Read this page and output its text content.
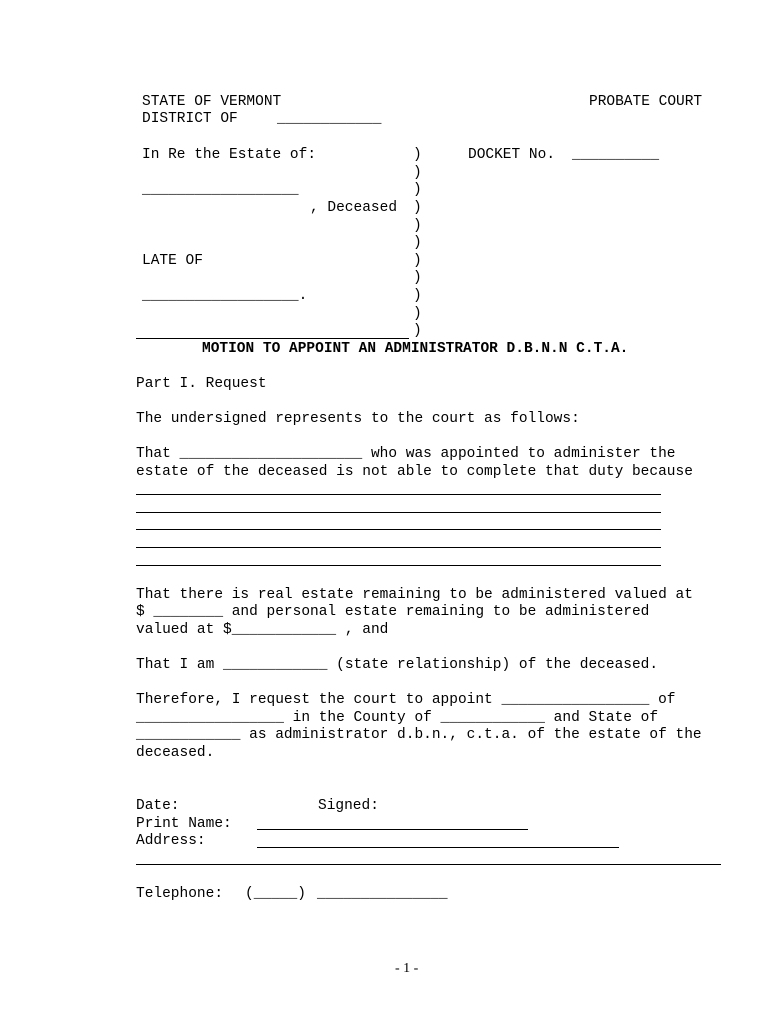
STATE OF VERMONT	PROBATE COURT
DISTRICT OF	____________
In Re the Estate of:	DOCKET No. __________
__________________
, Deceased
LATE OF
__________________.
)
)
)
)
)
)
)
)
)
)
)
MOTION TO APPOINT AN ADMINISTRATOR D.B.N.N C.T.A.
Part I. Request
The undersigned represents to the court as follows:
That _____________________ who was appointed to administer the
estate of the deceased is not able to complete that duty because
That there is real estate remaining to be administered valued at
$ ________ and personal estate remaining to be administered
valued at $____________ , and
That I am ____________ (state relationship) of the deceased.
Therefore, I request the court to appoint _________________ of
_________________ in the County of ____________ and State of
____________ as administrator d.b.n., c.t.a. of the estate of the
deceased.
Date:	Signed:
Print Name:
Address:
Telephone: (_____) _______________
- 1 -
